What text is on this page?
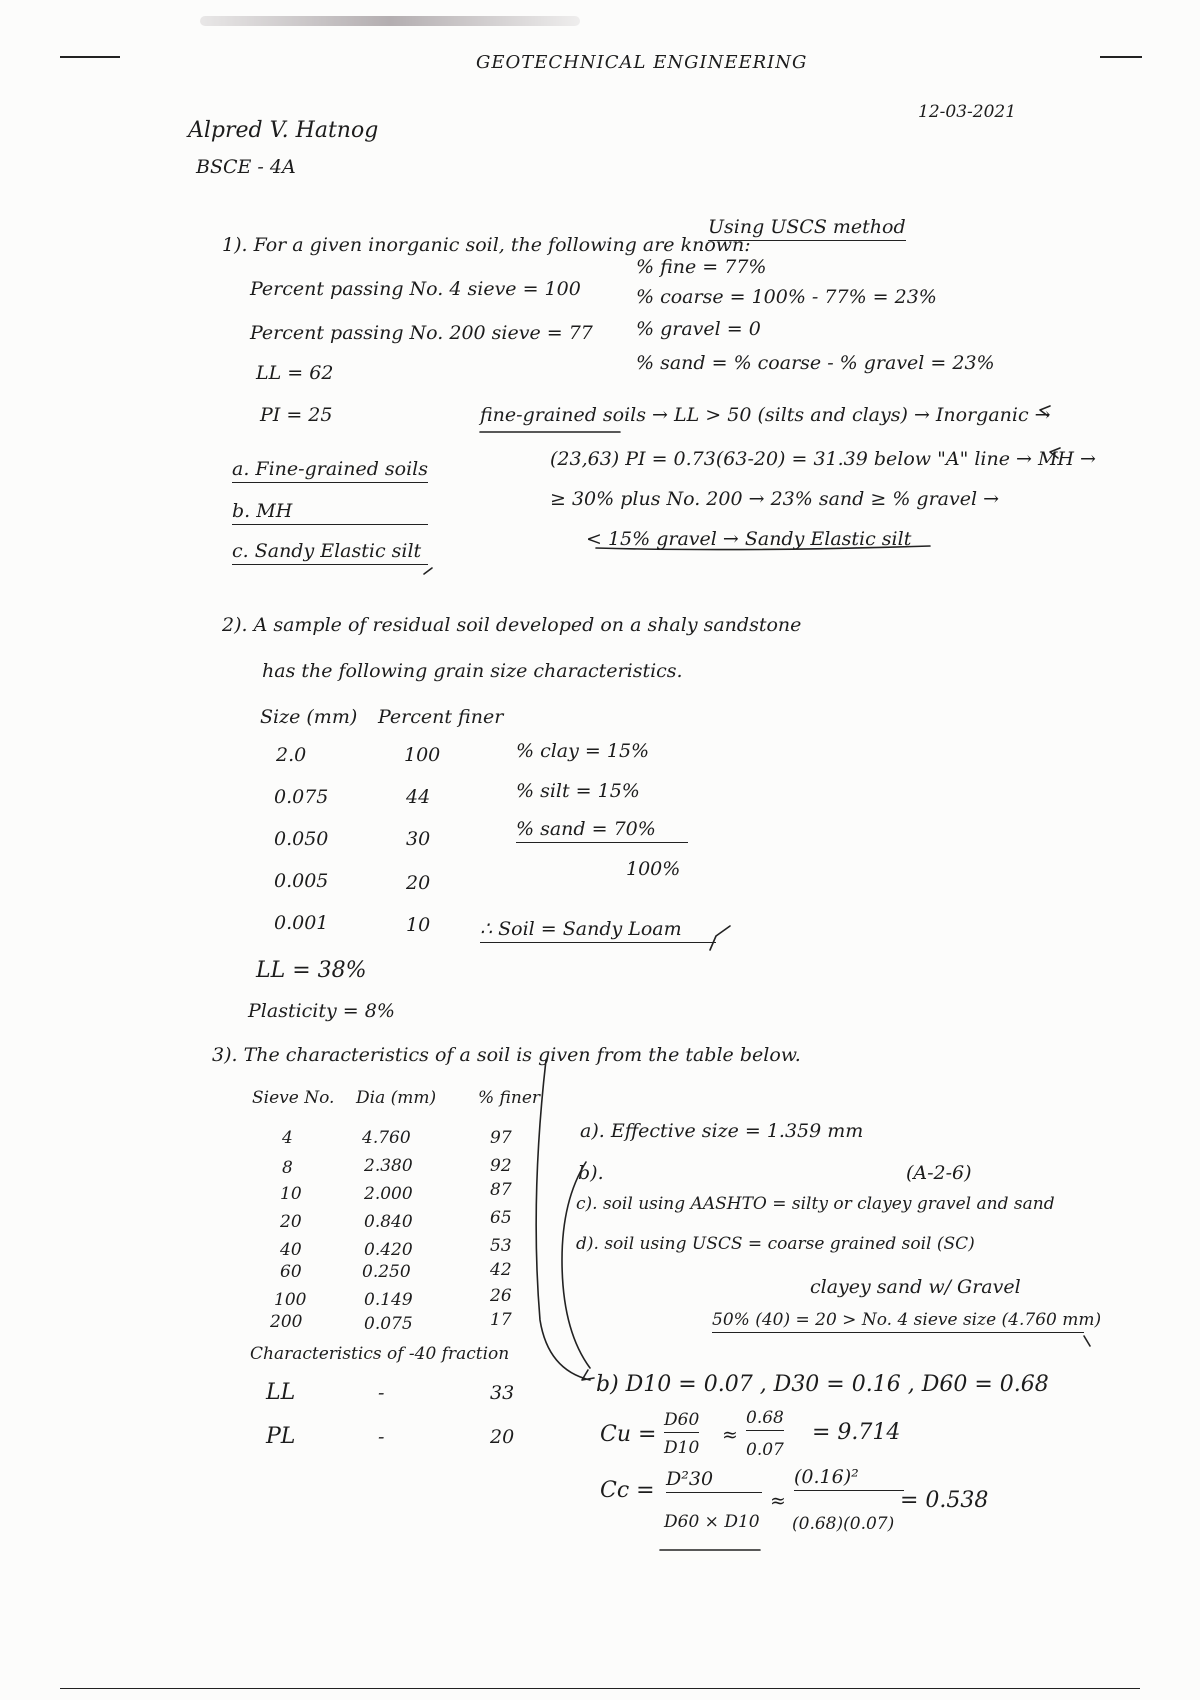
GEOTECHNICAL ENGINEERING
Alpred V. Hatnog
BSCE - 4A
12-03-2021
1). For a given inorganic soil, the following are known:
Using USCS method
Percent passing No. 4 sieve = 100
Percent passing No. 200 sieve = 77
LL = 62
PI = 25
% fine = 77%
% coarse = 100% - 77% = 23%
% gravel = 0
% sand = % coarse - % gravel = 23%
fine-grained soils → LL > 50 (silts and clays) → Inorganic →
(23,63) PI = 0.73(63-20) = 31.39 below "A" line → MH →
≥ 30% plus No. 200 → 23% sand ≥ % gravel →
< 15% gravel → Sandy Elastic silt
a. Fine-grained soils
b. MH
c. Sandy Elastic silt
2). A sample of residual soil developed on a shaly sandstone
has the following grain size characteristics.
Size (mm) Percent finer
2.0	100
0.075	44
0.050	30
0.005	20
0.001	10
% clay = 15%
% silt = 15%
% sand = 70%
100%
∴ Soil = Sandy Loam
LL = 38%
Plasticity = 8%
3). The characteristics of a soil is given from the table below.
Sieve No. Dia (mm) % finer
4	4.760	97
8	2.380	92
10	2.000	87
20	0.840	65
40	0.420	53
60	0.250	42
100	0.149	26
200	0.075	17
Characteristics of -40 fraction
LL	-	33
PL	-	20
a). Effective size = 1.359 mm
b).	(A-2-6)
c). soil using AASHTO = silty or clayey gravel and sand
d). soil using USCS = coarse grained soil (SC)
clayey sand w/ Gravel
50% (40) = 20 > No. 4 sieve size (4.760 mm)
b) D10 = 0.07 , D30 = 0.16 , D60 = 0.68
Cu =
D60
D10
≈
0.68
0.07
= 9.714
Cc = D²30
D60 × D10
≈
(0.16)²
(0.68)(0.07)
= 0.538
